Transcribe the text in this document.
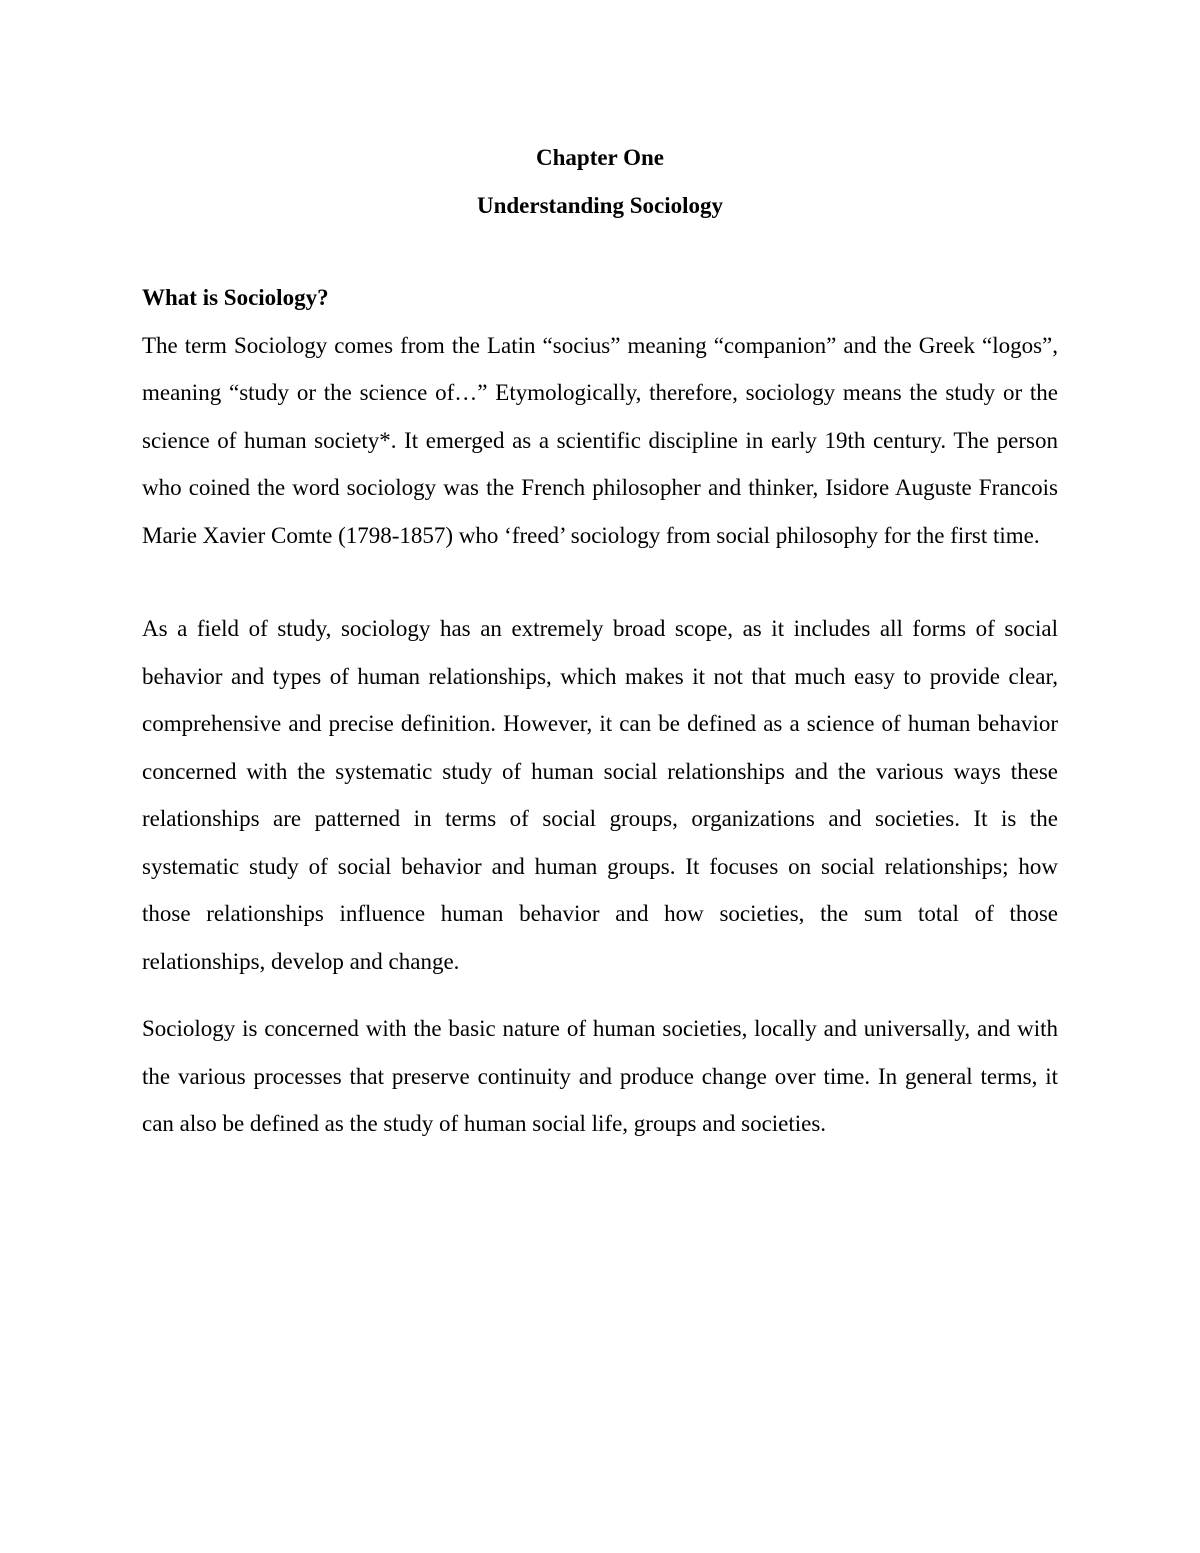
Chapter One

Understanding Sociology

What is Sociology?

The term Sociology comes from the Latin “socius” meaning “companion” and the Greek “logos”, meaning “study or the science of…” Etymologically, therefore, sociology means the study or the science of human society*. It emerged as a scientific discipline in early 19th century. The person who coined the word sociology was the French philosopher and thinker, Isidore Auguste Francois Marie Xavier Comte (1798-1857) who ‘freed’ sociology from social philosophy for the first time.

As a field of study, sociology has an extremely broad scope, as it includes all forms of social behavior and types of human relationships, which makes it not that much easy to provide clear, comprehensive and precise definition. However, it can be defined as a science of human behavior concerned with the systematic study of human social relationships and the various ways these relationships are patterned in terms of social groups, organizations and societies. It is the systematic study of social behavior and human groups. It focuses on social relationships; how those relationships influence human behavior and how societies, the sum total of those relationships, develop and change.

Sociology is concerned with the basic nature of human societies, locally and universally, and with the various processes that preserve continuity and produce change over time. In general terms, it can also be defined as the study of human social life, groups and societies.
